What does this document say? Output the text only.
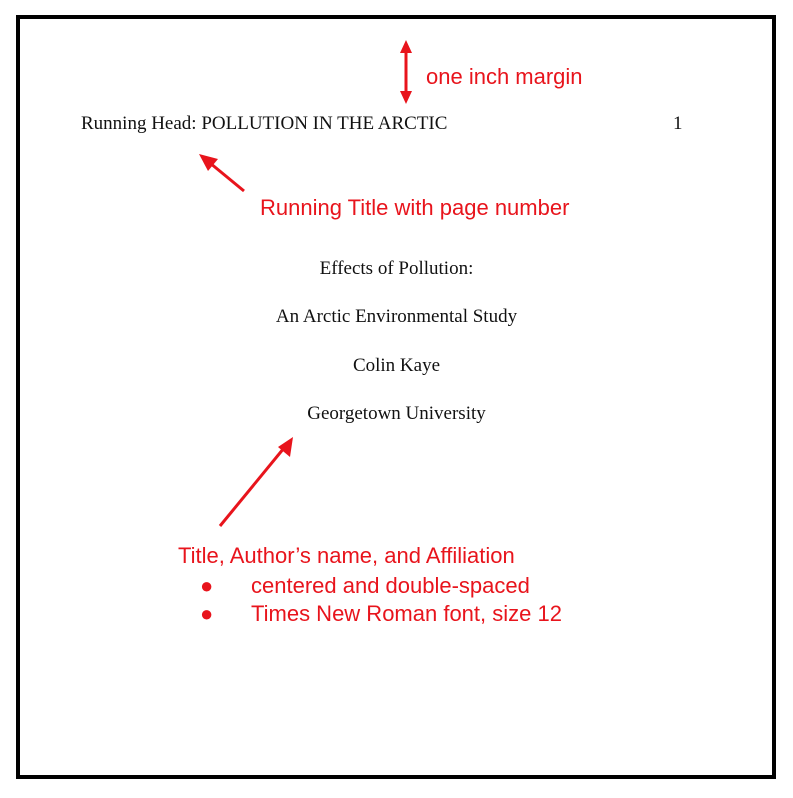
Running Head: POLLUTION IN THE ARCTIC	1
Effects of Pollution:
An Arctic Environmental Study
Colin Kaye
Georgetown University
one inch margin
Running Title with page number
Title, Author’s name, and Affiliation
● centered and double-spaced
● Times New Roman font, size 12
